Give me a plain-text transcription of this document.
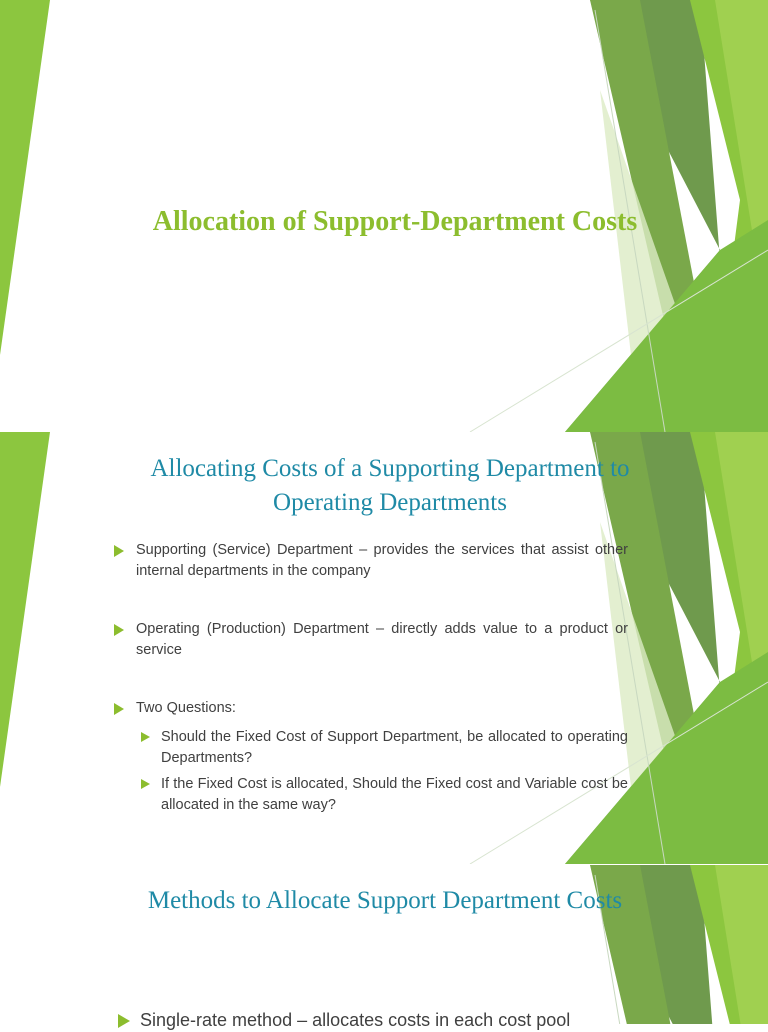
Allocation of Support-Department Costs
Allocating Costs of a Supporting Department to Operating Departments
Supporting (Service) Department – provides the services that assist other internal departments in the company
Operating (Production) Department – directly adds value to a product or service
Two Questions:
Should the Fixed Cost of Support Department, be allocated to operating Departments?
If the Fixed Cost is allocated, Should the Fixed cost and Variable cost be allocated in the same way?
Methods to Allocate Support Department Costs
Single-rate method – allocates costs in each cost pool
